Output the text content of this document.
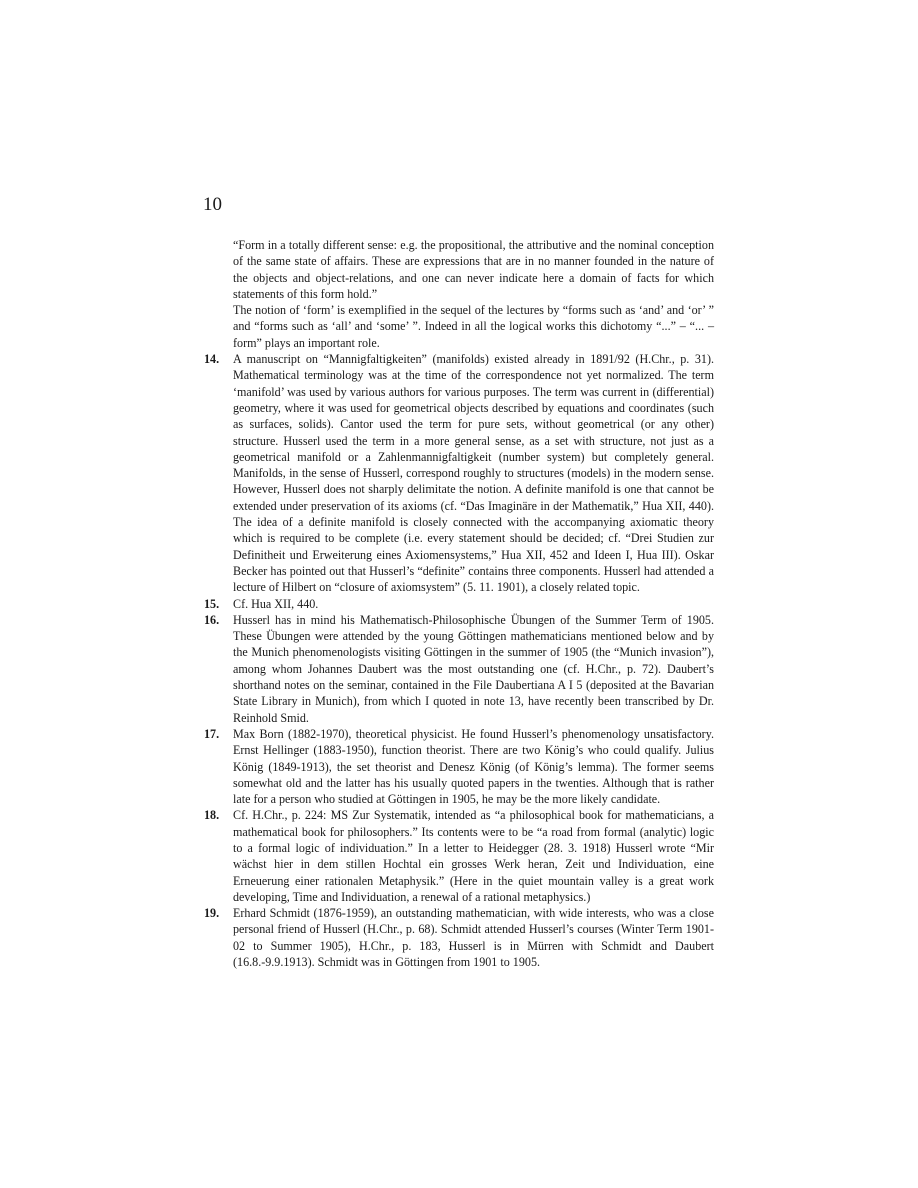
10

“Form in a totally different sense: e.g. the propositional, the attributive and the nominal conception of the same state of affairs. These are expressions that are in no manner founded in the nature of the objects and object-relations, and one can never indicate here a domain of facts for which statements of this form hold.”

The notion of ‘form’ is exemplified in the sequel of the lectures by “forms such as ‘and’ and ‘or’ ” and “forms such as ‘all’ and ‘some’ ”. Indeed in all the logical works this dichotomy “...” – “... – form” plays an important role.

14. A manuscript on “Mannigfaltigkeiten” (manifolds) existed already in 1891/92 (H.Chr., p. 31). Mathematical terminology was at the time of the correspondence not yet normalized. The term ‘manifold’ was used by various authors for various purposes. The term was current in (differential) geometry, where it was used for geometrical objects described by equations and coordinates (such as surfaces, solids). Cantor used the term for pure sets, without geometrical (or any other) structure. Husserl used the term in a more general sense, as a set with structure, not just as a geometrical manifold or a Zahlenmannigfaltigkeit (number system) but completely general. Manifolds, in the sense of Husserl, correspond roughly to structures (models) in the modern sense. However, Husserl does not sharply delimitate the notion. A definite manifold is one that cannot be extended under preservation of its axioms (cf. “Das Imaginäre in der Mathematik,” Hua XII, 440). The idea of a definite manifold is closely connected with the accompanying axiomatic theory which is required to be complete (i.e. every statement should be decided; cf. “Drei Studien zur Definitheit und Erweiterung eines Axiomensystems,” Hua XII, 452 and Ideen I, Hua III). Oskar Becker has pointed out that Husserl’s “definite” contains three components. Husserl had attended a lecture of Hilbert on “closure of axiomsystem” (5. 11. 1901), a closely related topic.
15. Cf. Hua XII, 440.
16. Husserl has in mind his Mathematisch-Philosophische Übungen of the Summer Term of 1905. These Übungen were attended by the young Göttingen mathematicians mentioned below and by the Munich phenomenologists visiting Göttingen in the summer of 1905 (the “Munich invasion”), among whom Johannes Daubert was the most outstanding one (cf. H.Chr., p. 72). Daubert’s shorthand notes on the seminar, contained in the File Daubertiana A I 5 (deposited at the Bavarian State Library in Munich), from which I quoted in note 13, have recently been transcribed by Dr. Reinhold Smid.
17. Max Born (1882-1970), theoretical physicist. He found Husserl’s phenomenology unsatisfactory. Ernst Hellinger (1883-1950), function theorist. There are two König’s who could qualify. Julius König (1849-1913), the set theorist and Denesz König (of König’s lemma). The former seems somewhat old and the latter has his usually quoted papers in the twenties. Although that is rather late for a person who studied at Göttingen in 1905, he may be the more likely candidate.
18. Cf. H.Chr., p. 224: MS Zur Systematik, intended as “a philosophical book for mathematicians, a mathematical book for philosophers.” Its contents were to be “a road from formal (analytic) logic to a formal logic of individuation.” In a letter to Heidegger (28. 3. 1918) Husserl wrote “Mir wächst hier in dem stillen Hochtal ein grosses Werk heran, Zeit und Individuation, eine Erneuerung einer rationalen Metaphysik.” (Here in the quiet mountain valley is a great work developing, Time and Individuation, a renewal of a rational metaphysics.)
19. Erhard Schmidt (1876-1959), an outstanding mathematician, with wide interests, who was a close personal friend of Husserl (H.Chr., p. 68). Schmidt attended Husserl’s courses (Winter Term 1901-02 to Summer 1905), H.Chr., p. 183, Husserl is in Mürren with Schmidt and Daubert (16.8.-9.9.1913). Schmidt was in Göttingen from 1901 to 1905.
